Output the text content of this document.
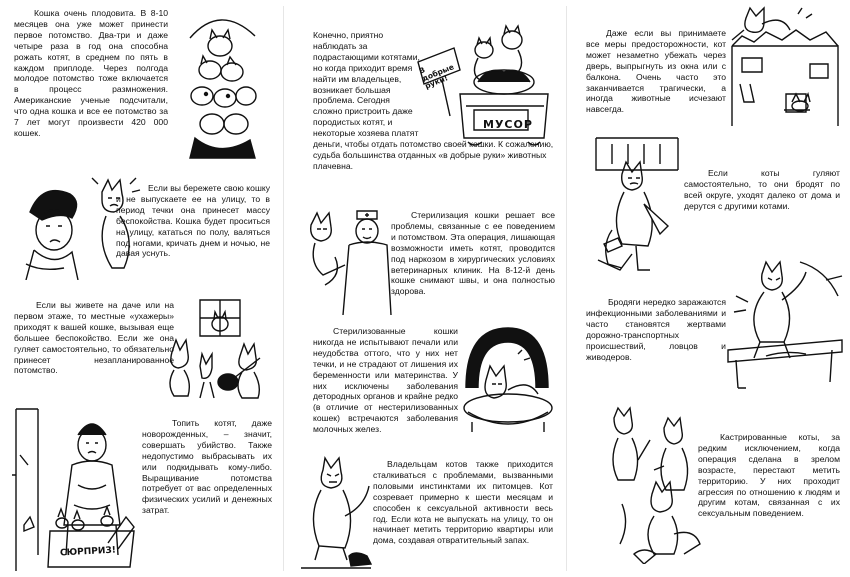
Кошка очень плодовита. В 8-10 месяцев она уже может принести первое потомство. Два-три и даже четыре раза в год она способна рожать котят, в среднем по пять в каждом приплоде. Через полгода молодое потомство тоже включается в процесс размножения. Американские ученые подсчитали, что одна кошка и все ее потомство за 7 лет могут произвести 420 000 кошек.

Если вы бережете свою кошку и не выпускаете ее на улицу, то в период течки она принесет массу беспокойства. Кошка будет проситься на улицу, кататься по полу, валяться под ногами, кричать днем и ночью, не давая уснуть.

Если вы живете на даче или на первом этаже, то местные «ухажеры» приходят к вашей кошке, вызывая еще большее беспокойство. Если же она гуляет самостоятельно, то обязательно принесет незапланированное потомство.

СЮРПРИЗ!

Топить котят, даже новорожденных, – значит, совершать убийство. Также недопустимо выбрасывать их или подкидывать кому-либо. Выращивание потомства потребует от вас определенных физических усилий и денежных затрат.

В добрые руки!
МУСОР

Конечно, приятно наблюдать за подрастающими котятами, но когда приходит время найти им владельцев, возникает большая проблема. Сегодня сложно пристроить даже породистых котят, и некоторые хозяева платят деньги, чтобы отдать потомство своей кошки. К сожалению, судьба большинства отданных «в добрые руки» животных плачевна.

Стерилизация кошки решает все проблемы, связанные с ее поведением и потомством. Эта операция, лишающая возможности иметь котят, проводится под наркозом в хирургических условиях ветеринарных клиник. На 8-12-й день кошке снимают швы, и она полностью здорова.

Стерилизованные кошки никогда не испытывают печали или неудобства оттого, что у них нет течки, и не страдают от лишения их беременности или материнства. У них исключены заболевания детородных органов и крайне редко (в отличие от нестерилизованных кошек) встречаются заболевания молочных желез.

Владельцам котов также приходится сталкиваться с проблемами, вызванными половыми инстинктами их питомцев. Кот созревает примерно к шести месяцам и способен к сексуальной активности весь год. Если кота не выпускать на улицу, то он начинает метить территорию квартиры или дома, создавая отвратительный запах.

Даже если вы принимаете все меры предосторожности, кот может незаметно убежать через дверь, выпрыгнуть из окна или с балкона. Очень часто это заканчивается трагически, а иногда животные исчезают навсегда.

Если коты гуляют самостоятельно, то они бродят по всей округе, уходят далеко от дома и дерутся с другими котами.

Бродяги нередко заражаются инфекционными заболеваниями и часто становятся жертвами дорожно-транспортных происшествий, ловцов и живодеров.

Кастрированные коты, за редким исключением, когда операция сделана в зрелом возрасте, перестают метить территорию. У них проходит агрессия по отношению к людям и другим котам, связанная с их сексуальным поведением.
